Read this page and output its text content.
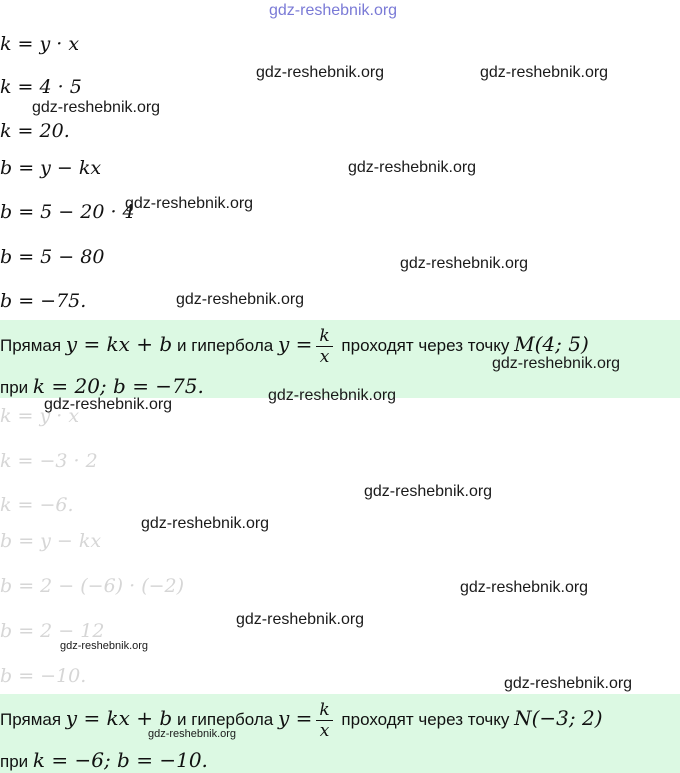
gdz-reshebnik.org
k = y · x
k = 4 · 5
k = 20.
b = y − kx
b = 5 − 20 · 4
b = 5 − 80
b = −75.
Прямая y = kx + b и гипербола $y = \frac{k}{x}$ проходят через точку M(4; 5)
при k = 20; b = −75.
k = y · x
k = −3 · 2
k = −6.
b = y − kx
b = 2 − (−6) · (−2)
b = 2 − 12
b = −10.
Прямая y = kx + b и гипербола $y = \frac{k}{x}$ проходят через точку N(−3; 2)
при k = −6; b = −10.
gdz-reshebnik.org	gdz-reshebnik.org
gdz-reshebnik.org
gdz-reshebnik.org
gdz-reshebnik.org
gdz-reshebnik.org
gdz-reshebnik.org
gdz-reshebnik.org
gdz-reshebnik.org
gdz-reshebnik.org
gdz-reshebnik.org
gdz-reshebnik.org
gdz-reshebnik.org
gdz-reshebnik.org
gdz-reshebnik.org
gdz-reshebnik.org
gdz-reshebnik.org
